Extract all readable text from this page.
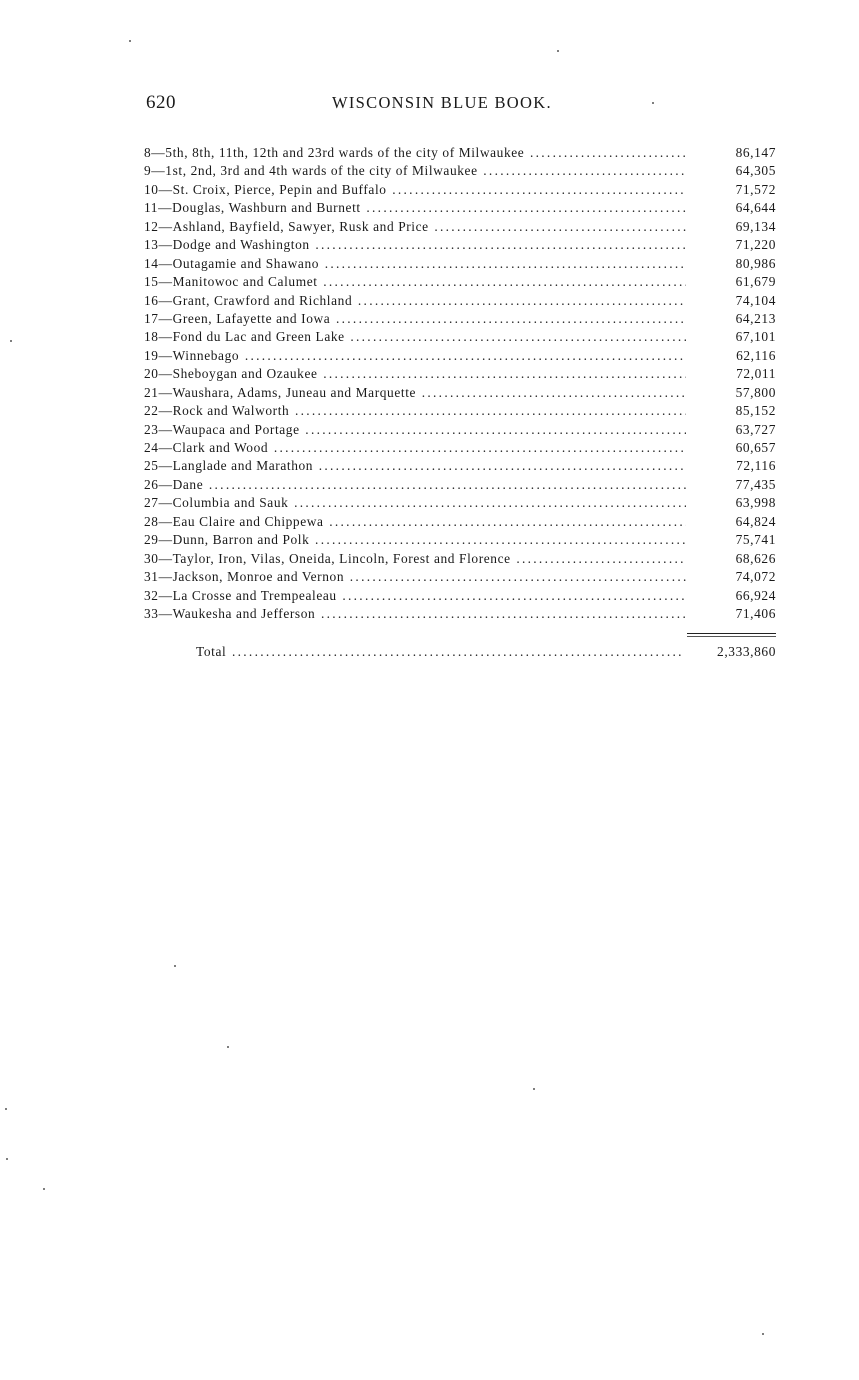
620	WISCONSIN BLUE BOOK.
8—5th, 8th, 11th, 12th and 23rd wards of the city of Milwaukee .....	86,147
9—1st, 2nd, 3rd and 4th wards of the city of Milwaukee .....	64,305
10—St. Croix, Pierce, Pepin and Buffalo .....	71,572
11—Douglas, Washburn and Burnett .....	64,644
12—Ashland, Bayfield, Sawyer, Rusk and Price .....	69,134
13—Dodge and Washington .....	71,220
14—Outagamie and Shawano .....	80,986
15—Manitowoc and Calumet .....	61,679
16—Grant, Crawford and Richland .....	74,104
17—Green, Lafayette and Iowa .....	64,213
18—Fond du Lac and Green Lake .....	67,101
19—Winnebago .....	62,116
20—Sheboygan and Ozaukee .....	72,011
21—Waushara, Adams, Juneau and Marquette .....	57,800
22—Rock and Walworth .....	85,152
23—Waupaca and Portage .....	63,727
24—Clark and Wood .....	60,657
25—Langlade and Marathon .....	72,116
26—Dane .....	77,435
27—Columbia and Sauk .....	63,998
28—Eau Claire and Chippewa .....	64,824
29—Dunn, Barron and Polk .....	75,741
30—Taylor, Iron, Vilas, Oneida, Lincoln, Forest and Florence .....	68,626
31—Jackson, Monroe and Vernon .....	74,072
32—La Crosse and Trempealeau .....	66,924
33—Waukesha and Jefferson .....	71,406
Total .....	2,333,860
